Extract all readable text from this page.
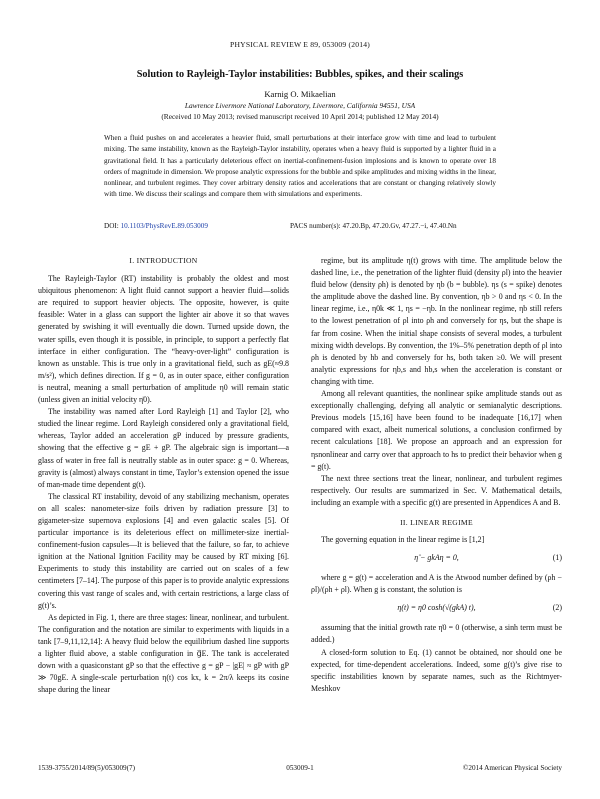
PHYSICAL REVIEW E 89, 053009 (2014)
Solution to Rayleigh-Taylor instabilities: Bubbles, spikes, and their scalings
Karnig O. Mikaelian
Lawrence Livermore National Laboratory, Livermore, California 94551, USA
(Received 10 May 2013; revised manuscript received 10 April 2014; published 12 May 2014)
When a fluid pushes on and accelerates a heavier fluid, small perturbations at their interface grow with time and lead to turbulent mixing. The same instability, known as the Rayleigh-Taylor instability, operates when a heavy fluid is supported by a lighter fluid in a gravitational field. It has a particularly deleterious effect on inertial-confinement-fusion implosions and is known to operate over 18 orders of magnitude in dimension. We propose analytic expressions for the bubble and spike amplitudes and mixing widths in the linear, nonlinear, and turbulent regimes. They cover arbitrary density ratios and accelerations that are constant or changing relatively slowly with time. We discuss their scalings and compare them with simulations and experiments.
DOI: 10.1103/PhysRevE.89.053009	PACS number(s): 47.20.Bp, 47.20.Gv, 47.27.−i, 47.40.Nn
I. INTRODUCTION

The Rayleigh-Taylor (RT) instability is probably the oldest and most ubiquitous phenomenon: A light fluid cannot support a heavier fluid—solids are required to support heavier objects. The opposite, however, is quite feasible: Water in a glass can support the lighter air above it so that waves generated by swishing it will eventually die down. Turned upside down, the water spills, even though it is possible, in principle, to support a perfectly flat interface in either configuration. The “heavy-over-light” configuration is known as unstable. This is true only in a gravitational field, such as gE(≈9.8 m/s²), which defines direction. If g = 0, as in outer space, either configuration is neutral, meaning a small perturbation of amplitude η0 will remain static (unless given an initial velocity η̇0).

The instability was named after Lord Rayleigh [1] and Taylor [2], who studied the linear regime. Lord Rayleigh considered only a gravitational field, whereas, Taylor added an acceleration gP induced by pressure gradients, showing that the effective g = gE + gP. The algebraic sign is important—a glass of water in free fall is neutrally stable as in outer space: g = 0. Whereas, gravity is (almost) always constant in time, Taylor’s extension opened the issue of man-made time dependent g(t).

The classical RT instability, devoid of any stabilizing mechanism, operates on all scales: nanometer-size foils driven by radiation pressure [3] to gigameter-size supernova explosions [4] and even galactic scales [5]. Of particular importance is its deleterious effect on millimeter-size inertial-confinement-fusion capsules—It is believed that the failure, so far, to achieve ignition at the National Ignition Facility may be caused by RT mixing [6]. Experiments to study this instability are carried out on scales of a few centimeters [7–14]. The purpose of this paper is to provide analytic expressions covering this vast range of scales and, with certain restrictions, a large class of g(t)’s.

As depicted in Fig. 1, there are three stages: linear, nonlinear, and turbulent. The configuration and the notation are similar to experiments with liquids in a tank [7–9,11,12,14]: A heavy fluid below the equilibrium dashed line supports a lighter fluid above, a stable configuration in g⃗E. The tank is accelerated down with a quasiconstant gP so that the effective g = gP − |gE| ≈ gP with gP ≫ 70gE. A single-scale perturbation η(t) cos kx, k = 2π/λ keeps its cosine shape during the linear

regime, but its amplitude η(t) grows with time. The amplitude below the dashed line, i.e., the penetration of the lighter fluid (density ρl) into the heavier fluid below (density ρh) is denoted by ηb (b = bubble). ηs (s = spike) denotes the amplitude above the dashed line. By convention, ηb > 0 and ηs < 0. In the linear regime, i.e., η0k ≪ 1, ηs = −ηb. In the nonlinear regime, ηb still refers to the lowest penetration of ρl into ρh and conversely for ηs, but the shape is far from cosine. When the initial shape consists of several modes, a turbulent mixing width develops. By convention, the 1%–5% penetration depth of ρl into ρh is denoted by hb and conversely for hs, both taken ≥0. We will present analytic expressions for ηb,s and hb,s when the acceleration is constant or changing with time.

Among all relevant quantities, the nonlinear spike amplitude stands out as exceptionally challenging, defying all analytic or semianalytic descriptions. Previous models [15,16] have been found to be inadequate [16,17] when compared with exact, albeit numerical solutions, a conclusion confirmed by recent calculations [18]. We propose an approach and an expression for ηsnonlinear and carry over that approach to hs to predict their behavior when g = g(t).

The next three sections treat the linear, nonlinear, and turbulent regimes respectively. Our results are summarized in Sec. V. Mathematical details, including an example with a specific g(t) are presented in Appendices A and B.

II. LINEAR REGIME

The governing equation in the linear regime is [1,2]

η̈ − gkAη = 0,	(1)

where g = g(t) = acceleration and A is the Atwood number defined by (ρh − ρl)/(ρh + ρl). When g is constant, the solution is

η(t) = η0 cosh(√(gkA) t),	(2)

assuming that the initial growth rate η̇0 = 0 (otherwise, a sinh term must be added.)

A closed-form solution to Eq. (1) cannot be obtained, nor should one be expected, for time-dependent accelerations. Indeed, some g(t)’s give rise to specific instabilities known by separate names, such as the Richtmyer-Meshkov

1539-3755/2014/89(5)/053009(7)	053009-1	©2014 American Physical Society
